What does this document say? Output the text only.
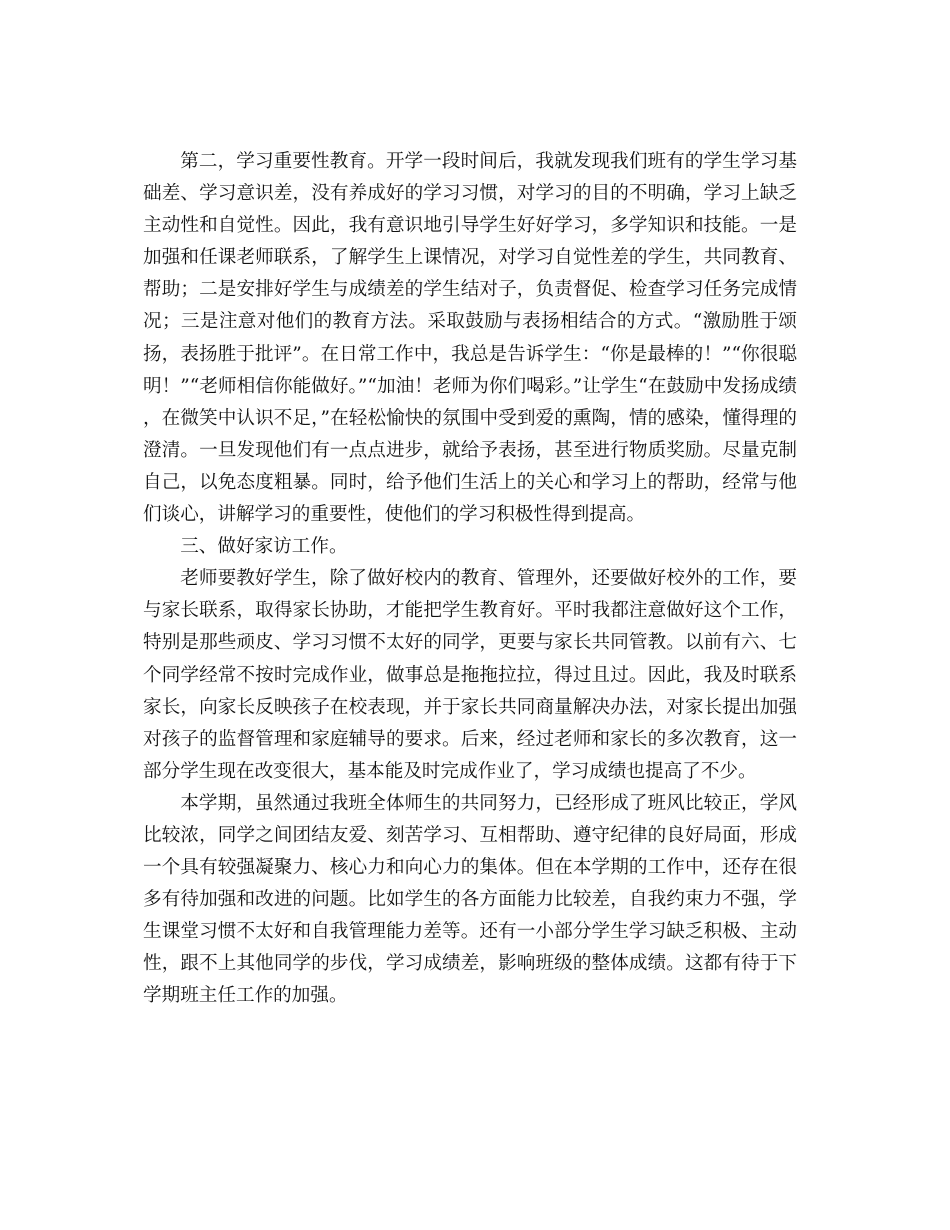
第二，学习重要性教育。开学一段时间后，我就发现我们班有的学生学习基础差、学习意识差，没有养成好的学习习惯，对学习的目的不明确，学习上缺乏主动性和自觉性。因此，我有意识地引导学生好好学习，多学知识和技能。一是加强和任课老师联系，了解学生上课情况，对学习自觉性差的学生，共同教育、帮助；二是安排好学生与成绩差的学生结对子，负责督促、检查学习任务完成情况；三是注意对他们的教育方法。采取鼓励与表扬相结合的方式。“激励胜于颂扬，表扬胜于批评”。在日常工作中，我总是告诉学生：“你是最棒的！”“你很聪明！”“老师相信你能做好。”“加油！老师为你们喝彩。”让学生“在鼓励中发扬成绩，在微笑中认识不足，”在轻松愉快的氛围中受到爱的熏陶，情的感染，懂得理的澄清。一旦发现他们有一点点进步，就给予表扬，甚至进行物质奖励。尽量克制自己，以免态度粗暴。同时，给予他们生活上的关心和学习上的帮助，经常与他们谈心，讲解学习的重要性，使他们的学习积极性得到提高。

三、做好家访工作。

老师要教好学生，除了做好校内的教育、管理外，还要做好校外的工作，要与家长联系，取得家长协助，才能把学生教育好。平时我都注意做好这个工作，特别是那些顽皮、学习习惯不太好的同学，更要与家长共同管教。以前有六、七个同学经常不按时完成作业，做事总是拖拖拉拉，得过且过。因此，我及时联系家长，向家长反映孩子在校表现，并于家长共同商量解决办法，对家长提出加强对孩子的监督管理和家庭辅导的要求。后来，经过老师和家长的多次教育，这一部分学生现在改变很大，基本能及时完成作业了，学习成绩也提高了不少。

本学期，虽然通过我班全体师生的共同努力，已经形成了班风比较正，学风比较浓，同学之间团结友爱、刻苦学习、互相帮助、遵守纪律的良好局面，形成一个具有较强凝聚力、核心力和向心力的集体。但在本学期的工作中，还存在很多有待加强和改进的问题。比如学生的各方面能力比较差，自我约束力不强，学生课堂习惯不太好和自我管理能力差等。还有一小部分学生学习缺乏积极、主动性，跟不上其他同学的步伐，学习成绩差，影响班级的整体成绩。这都有待于下学期班主任工作的加强。
